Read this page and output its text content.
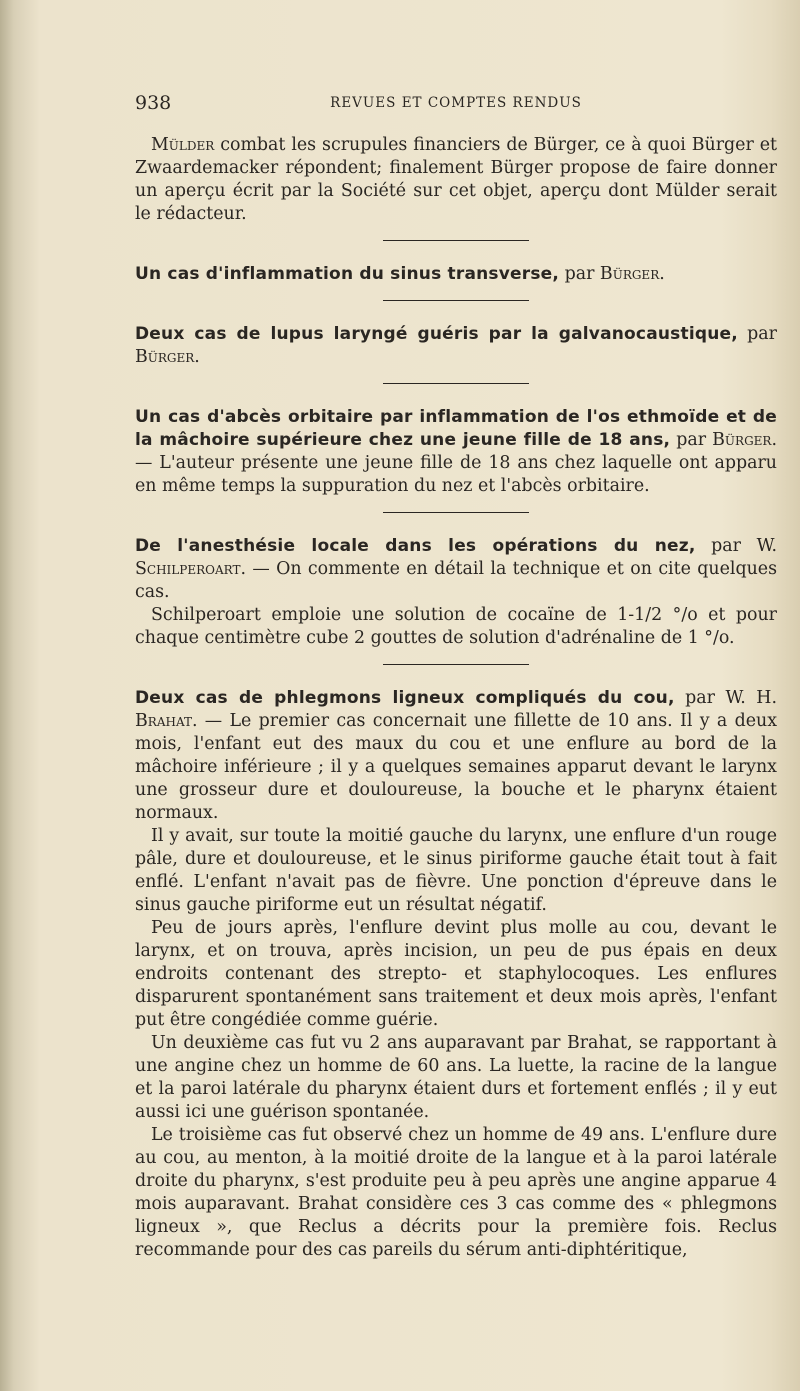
938	REVUES ET COMPTES RENDUS

Mülder combat les scrupules financiers de Bürger, ce à quoi Bürger et Zwaardemacker répondent; finalement Bürger propose de faire donner un aperçu écrit par la Société sur cet objet, aperçu dont Mülder serait le rédacteur.

Un cas d'inflammation du sinus transverse, par Bürger.

Deux cas de lupus laryngé guéris par la galvanocaustique, par Bürger.

Un cas d'abcès orbitaire par inflammation de l'os ethmoïde et de la mâchoire supérieure chez une jeune fille de 18 ans, par Bürger. — L'auteur présente une jeune fille de 18 ans chez laquelle ont apparu en même temps la suppuration du nez et l'abcès orbitaire.

De l'anesthésie locale dans les opérations du nez, par W. Schilperoart. — On commente en détail la technique et on cite quelques cas.

Schilperoart emploie une solution de cocaïne de 1-1/2 °/o et pour chaque centimètre cube 2 gouttes de solution d'adrénaline de 1 °/o.

Deux cas de phlegmons ligneux compliqués du cou, par W. H. Brahat. — Le premier cas concernait une fillette de 10 ans. Il y a deux mois, l'enfant eut des maux du cou et une enflure au bord de la mâchoire inférieure ; il y a quelques semaines apparut devant le larynx une grosseur dure et douloureuse, la bouche et le pharynx étaient normaux.

Il y avait, sur toute la moitié gauche du larynx, une enflure d'un rouge pâle, dure et douloureuse, et le sinus piriforme gauche était tout à fait enflé. L'enfant n'avait pas de fièvre. Une ponction d'épreuve dans le sinus gauche piriforme eut un résultat négatif.

Peu de jours après, l'enflure devint plus molle au cou, devant le larynx, et on trouva, après incision, un peu de pus épais en deux endroits contenant des strepto- et staphylocoques. Les enflures disparurent spontanément sans traitement et deux mois après, l'enfant put être congédiée comme guérie.

Un deuxième cas fut vu 2 ans auparavant par Brahat, se rapportant à une angine chez un homme de 60 ans. La luette, la racine de la langue et la paroi latérale du pharynx étaient durs et fortement enflés ; il y eut aussi ici une guérison spontanée.

Le troisième cas fut observé chez un homme de 49 ans. L'enflure dure au cou, au menton, à la moitié droite de la langue et à la paroi latérale droite du pharynx, s'est produite peu à peu après une angine apparue 4 mois auparavant. Brahat considère ces 3 cas comme des « phlegmons ligneux », que Reclus a décrits pour la première fois. Reclus recommande pour des cas pareils du sérum anti-diphtéritique,
